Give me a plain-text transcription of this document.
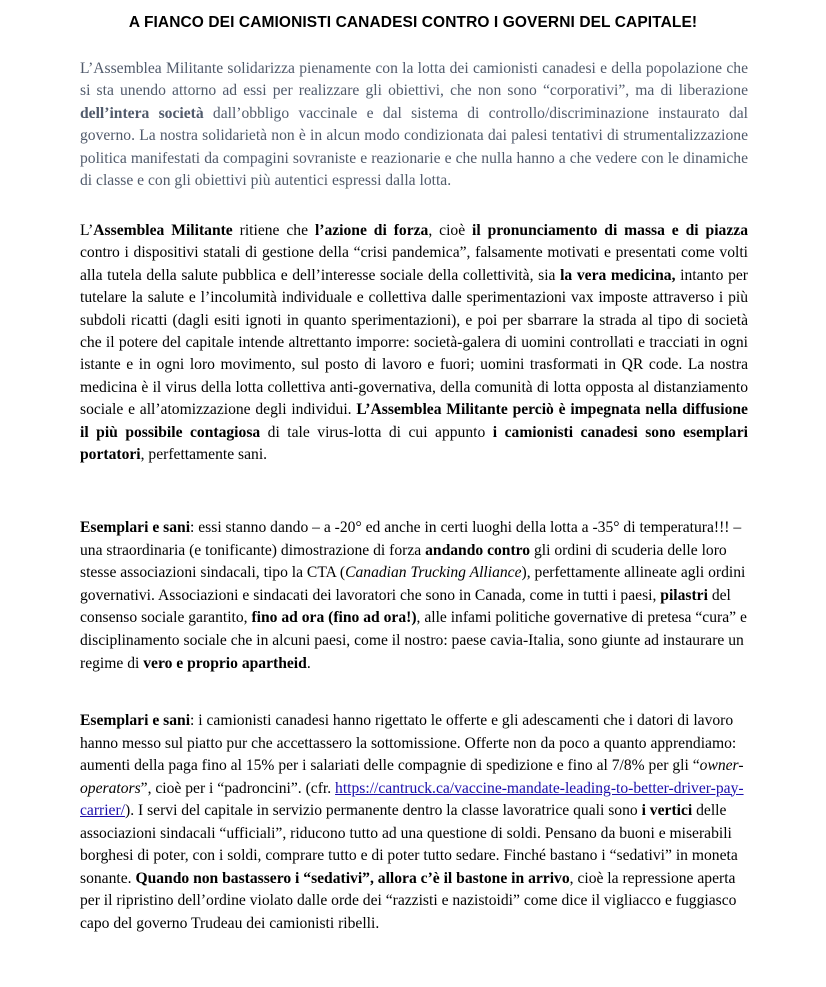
A FIANCO DEI CAMIONISTI CANADESI CONTRO I GOVERNI DEL CAPITALE!

L’Assemblea Militante solidarizza pienamente con la lotta dei camionisti canadesi e della popolazione che si sta unendo attorno ad essi per realizzare gli obiettivi, che non sono “corporativi”, ma di liberazione dell’intera società dall’obbligo vaccinale e dal sistema di controllo/discriminazione instaurato dal governo. La nostra solidarietà non è in alcun modo condizionata dai palesi tentativi di strumentalizzazione politica manifestati da compagini sovraniste e reazionarie e che nulla hanno a che vedere con le dinamiche di classe e con gli obiettivi più autentici espressi dalla lotta.

L’Assemblea Militante ritiene che l’azione di forza, cioè il pronunciamento di massa e di piazza contro i dispositivi statali di gestione della “crisi pandemica”, falsamente motivati e presentati come volti alla tutela della salute pubblica e dell’interesse sociale della collettività, sia la vera medicina, intanto per tutelare la salute e l’incolumità individuale e collettiva dalle sperimentazioni vax imposte attraverso i più subdoli ricatti (dagli esiti ignoti in quanto sperimentazioni), e poi per sbarrare la strada al tipo di società che il potere del capitale intende altrettanto imporre: società-galera di uomini controllati e tracciati in ogni istante e in ogni loro movimento, sul posto di lavoro e fuori; uomini trasformati in QR code. La nostra medicina è il virus della lotta collettiva anti-governativa, della comunità di lotta opposta al distanziamento sociale e all’atomizzazione degli individui. L’Assemblea Militante perciò è impegnata nella diffusione il più possibile contagiosa di tale virus-lotta di cui appunto i camionisti canadesi sono esemplari portatori, perfettamente sani.

Esemplari e sani: essi stanno dando – a -20° ed anche in certi luoghi della lotta a -35° di temperatura!!! – una straordinaria (e tonificante) dimostrazione di forza andando contro gli ordini di scuderia delle loro stesse associazioni sindacali, tipo la CTA (Canadian Trucking Alliance), perfettamente allineate agli ordini governativi. Associazioni e sindacati dei lavoratori che sono in Canada, come in tutti i paesi, pilastri del consenso sociale garantito, fino ad ora (fino ad ora!), alle infami politiche governative di pretesa “cura” e disciplinamento sociale che in alcuni paesi, come il nostro: paese cavia-Italia, sono giunte ad instaurare un regime di vero e proprio apartheid.

Esemplari e sani: i camionisti canadesi hanno rigettato le offerte e gli adescamenti che i datori di lavoro hanno messo sul piatto pur che accettassero la sottomissione. Offerte non da poco a quanto apprendiamo: aumenti della paga fino al 15% per i salariati delle compagnie di spedizione e fino al 7/8% per gli “owner-operators”, cioè per i “padroncini”. (cfr. https://cantruck.ca/vaccine-mandate-leading-to-better-driver-pay-carrier/). I servi del capitale in servizio permanente dentro la classe lavoratrice quali sono i vertici delle associazioni sindacali “ufficiali”, riducono tutto ad una questione di soldi. Pensano da buoni e miserabili borghesi di poter, con i soldi, comprare tutto e di poter tutto sedare. Finché bastano i “sedativi” in moneta sonante. Quando non bastassero i “sedativi”, allora c’è il bastone in arrivo, cioè la repressione aperta per il ripristino dell’ordine violato dalle orde dei “razzisti e nazistoidi” come dice il vigliacco e fuggiasco capo del governo Trudeau dei camionisti ribelli.
